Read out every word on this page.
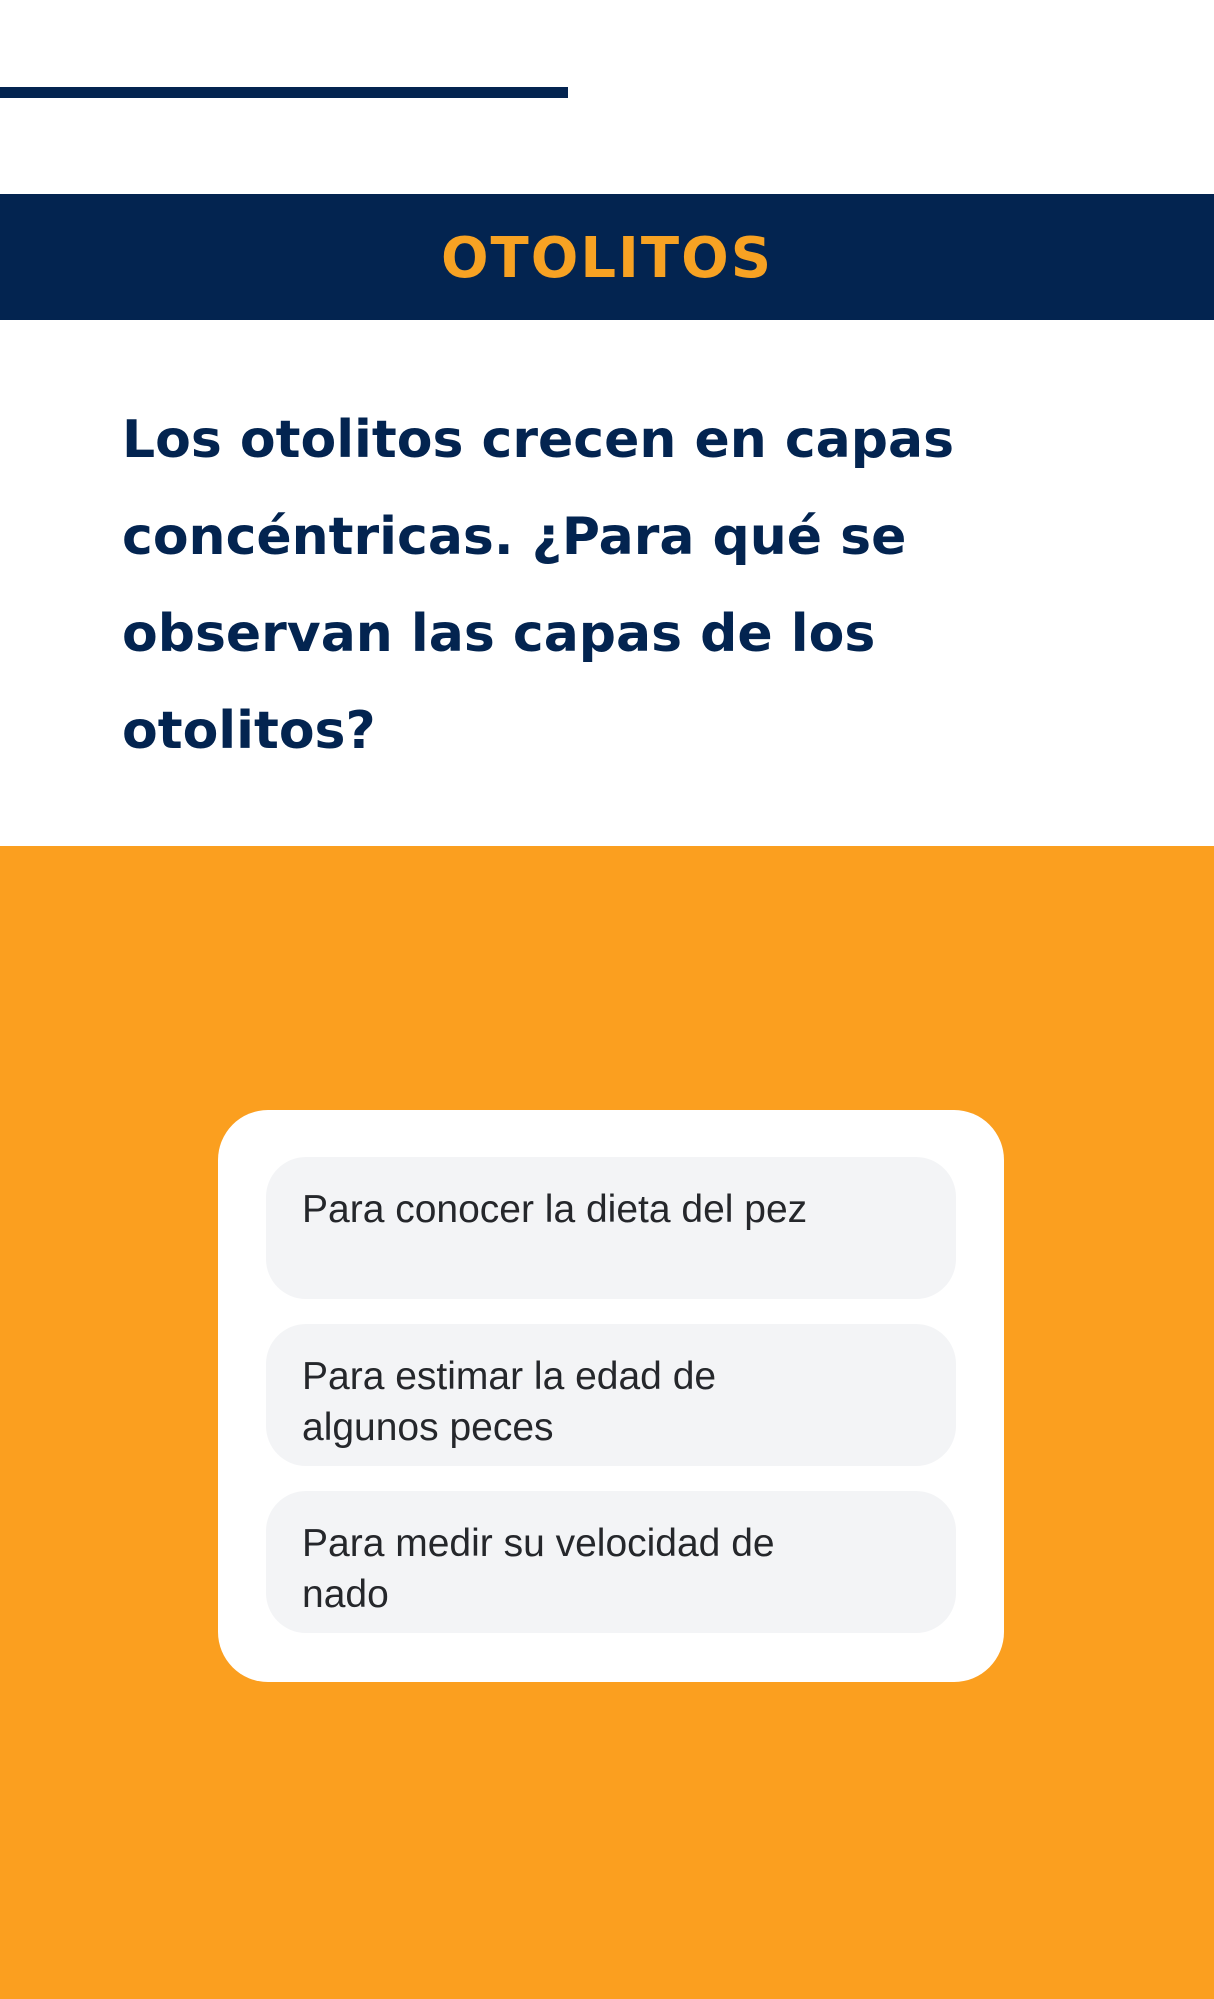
OTOLITOS

Los otolitos crecen en capas concéntricas. ¿Para qué se observan las capas de los otolitos?

Para conocer la dieta del pez
Para estimar la edad de algunos peces
Para medir su velocidad de nado
